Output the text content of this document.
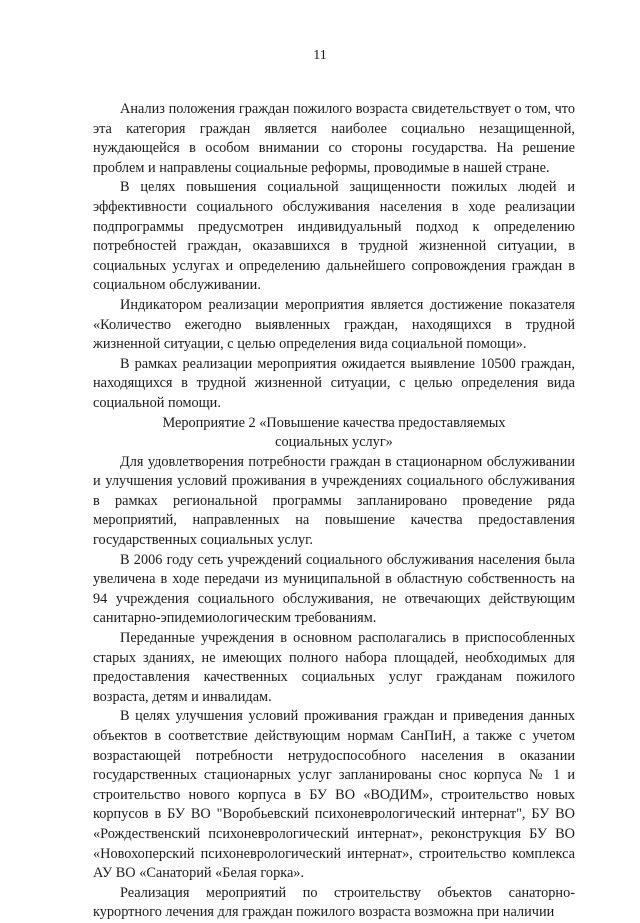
11

Анализ положения граждан пожилого возраста свидетельствует о том, что эта категория граждан является наиболее социально незащищенной, нуждающейся в особом внимании со стороны государства. На решение проблем и направлены социальные реформы, проводимые в нашей стране.

В целях повышения социальной защищенности пожилых людей и эффективности социального обслуживания населения в ходе реализации подпрограммы предусмотрен индивидуальный подход к определению потребностей граждан, оказавшихся в трудной жизненной ситуации, в социальных услугах и определению дальнейшего сопровождения граждан в социальном обслуживании.

Индикатором реализации мероприятия является достижение показателя «Количество ежегодно выявленных граждан, находящихся в трудной жизненной ситуации, с целью определения вида социальной помощи».

В рамках реализации мероприятия ожидается выявление 10500 граждан, находящихся в трудной жизненной ситуации, с целью определения вида социальной помощи.

Мероприятие 2 «Повышение качества предоставляемых
социальных услуг»

Для удовлетворения потребности граждан в стационарном обслуживании и улучшения условий проживания в учреждениях социального обслуживания в рамках региональной программы запланировано проведение ряда мероприятий, направленных на повышение качества предоставления государственных социальных услуг.

В 2006 году сеть учреждений социального обслуживания населения была увеличена в ходе передачи из муниципальной в областную собственность на 94 учреждения социального обслуживания, не отвечающих действующим санитарно-эпидемиологическим требованиям.

Переданные учреждения в основном располагались в приспособленных старых зданиях, не имеющих полного набора площадей, необходимых для предоставления качественных социальных услуг гражданам пожилого возраста, детям и инвалидам.

В целях улучшения условий проживания граждан и приведения данных объектов в соответствие действующим нормам СанПиН, а также с учетом возрастающей потребности нетрудоспособного населения в оказании государственных стационарных услуг запланированы снос корпуса № 1 и строительство нового корпуса в БУ ВО «ВОДИМ», строительство новых корпусов в БУ ВО "Воробьевский психоневрологический интернат", БУ ВО «Рождественский психоневрологический интернат», реконструкция БУ ВО «Новохоперский психоневрологический интернат», строительство комплекса АУ ВО «Санаторий «Белая горка».

Реализация мероприятий по строительству объектов санаторно-курортного лечения для граждан пожилого возраста возможна при наличии
